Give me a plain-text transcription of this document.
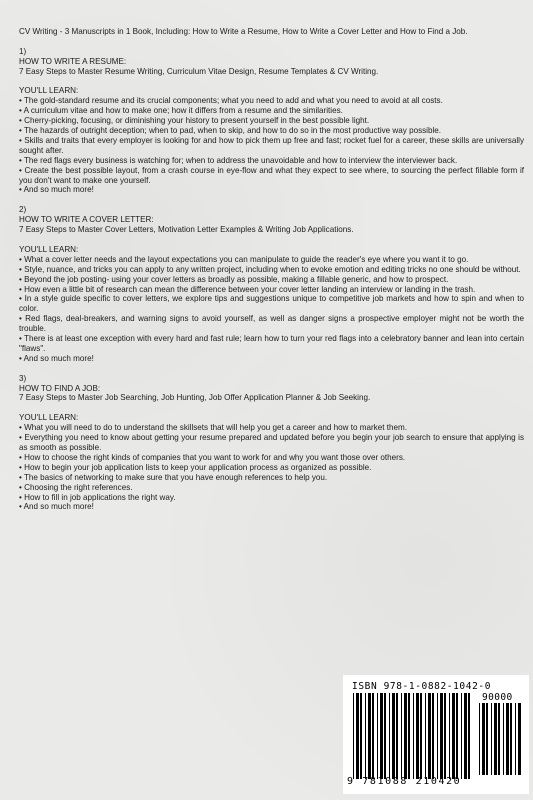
CV Writing - 3 Manuscripts in 1 Book, Including: How to Write a Resume, How to Write a Cover Letter and How to Find a Job.
1)
HOW TO WRITE A RESUME:
7 Easy Steps to Master Resume Writing, Curriculum Vitae Design, Resume Templates & CV Writing.
YOU'LL LEARN:
• The gold-standard resume and its crucial components; what you need to add and what you need to avoid at all costs.
• A curriculum vitae and how to make one; how it differs from a resume and the similarities.
• Cherry-picking, focusing, or diminishing your history to present yourself in the best possible light.
• The hazards of outright deception; when to pad, when to skip, and how to do so in the most productive way possible.
• Skills and traits that every employer is looking for and how to pick them up free and fast; rocket fuel for a career, these skills are universally sought after.
• The red flags every business is watching for; when to address the unavoidable and how to interview the interviewer back.
• Create the best possible layout, from a crash course in eye-flow and what they expect to see where, to sourcing the perfect fillable form if you don't want to make one yourself.
• And so much more!
2)
HOW TO WRITE A COVER LETTER:
7 Easy Steps to Master Cover Letters, Motivation Letter Examples & Writing Job Applications.
YOU'LL LEARN:
• What a cover letter needs and the layout expectations you can manipulate to guide the reader's eye where you want it to go.
• Style, nuance, and tricks you can apply to any written project, including when to evoke emotion and editing tricks no one should be without.
• Beyond the job posting- using your cover letters as broadly as possible, making a fillable generic, and how to prospect.
• How even a little bit of research can mean the difference between your cover letter landing an interview or landing in the trash.
• In a style guide specific to cover letters, we explore tips and suggestions unique to competitive job markets and how to spin and when to color.
• Red flags, deal-breakers, and warning signs to avoid yourself, as well as danger signs a prospective employer might not be worth the trouble.
• There is at least one exception with every hard and fast rule; learn how to turn your red flags into a celebratory banner and lean into certain "flaws".
• And so much more!
3)
HOW TO FIND A JOB:
7 Easy Steps to Master Job Searching, Job Hunting, Job Offer Application Planner & Job Seeking.
YOU'LL LEARN:
• What you will need to do to understand the skillsets that will help you get a career and how to market them.
• Everything you need to know about getting your resume prepared and updated before you begin your job search to ensure that applying is as smooth as possible.
• How to choose the right kinds of companies that you want to work for and why you want those over others.
• How to begin your job application lists to keep your application process as organized as possible.
• The basics of networking to make sure that you have enough references to help you.
• Choosing the right references.
• How to fill in job applications the right way.
• And so much more!
ISBN 978-1-0882-1042-0
90000
9 781088 210420
